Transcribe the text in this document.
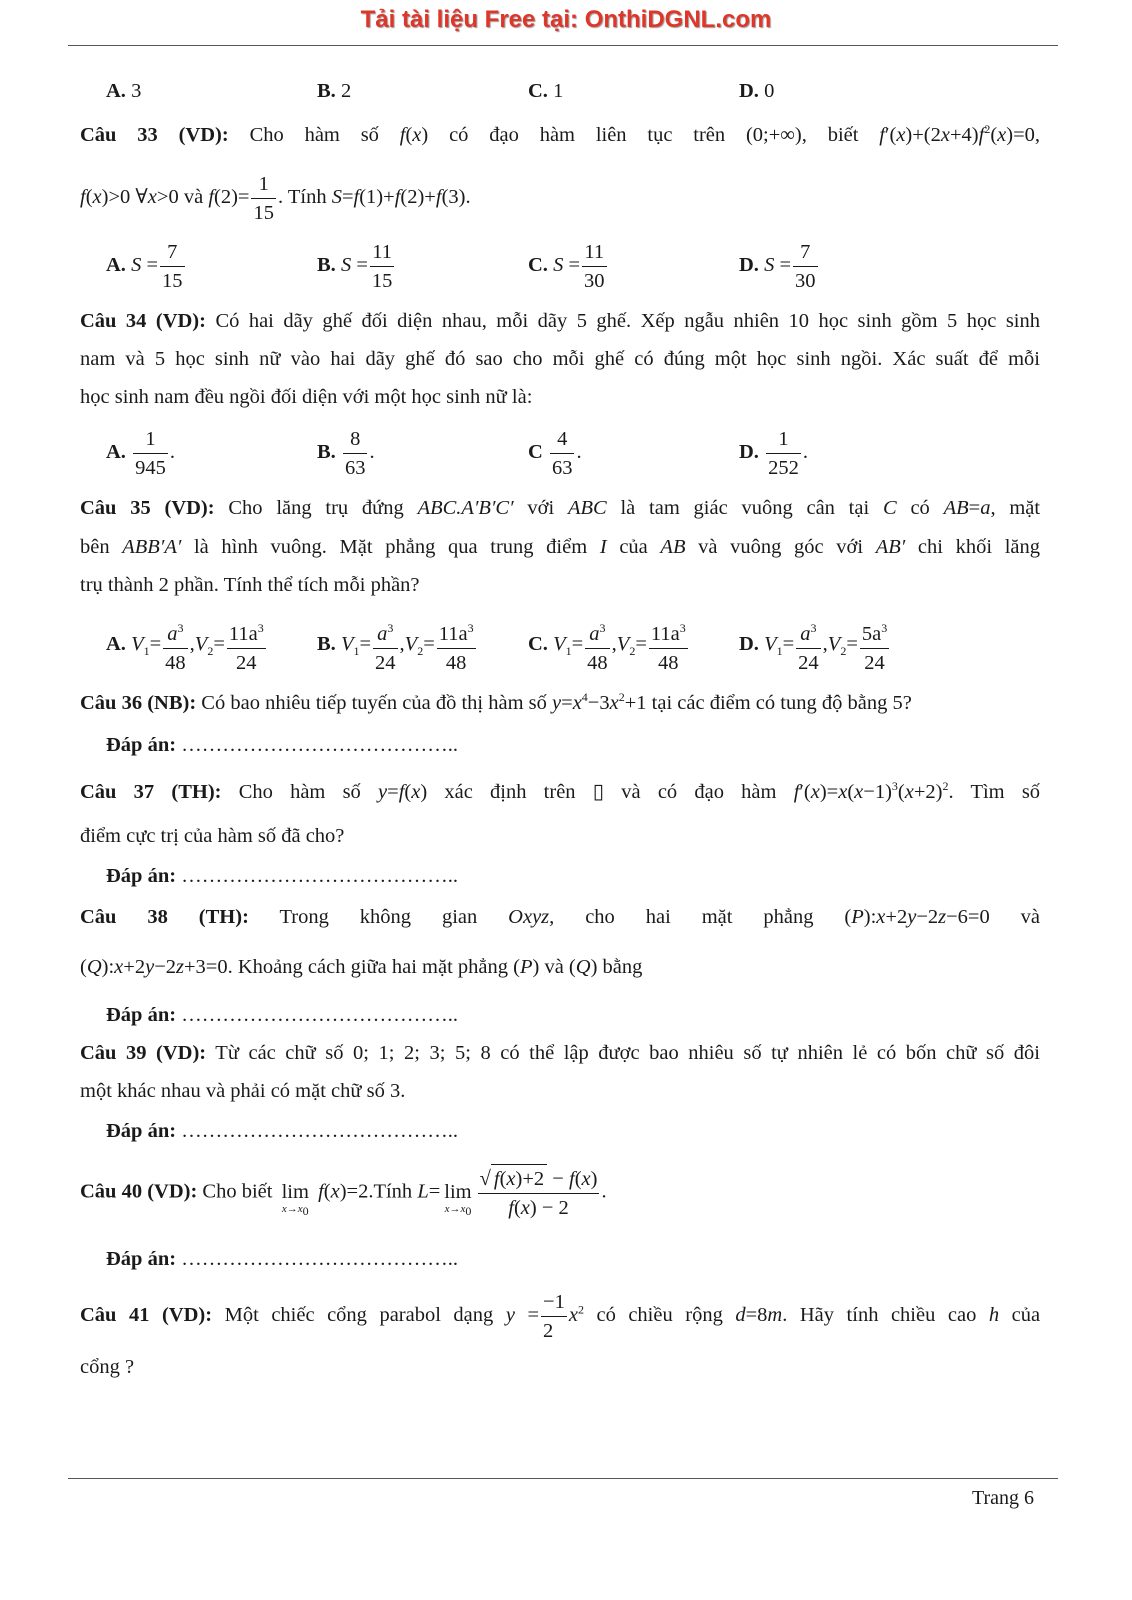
Tải tài liệu Free tại: OnthiDGNL.com
A. 3	B. 2	C. 1	D. 0
Câu 33 (VD): Cho hàm số f(x) có đạo hàm liên tục trên (0;+∞), biết $f'(x)+(2x+4)f^2(x)=0$,
f(x)>0 ∀x>0 và $f(2)= \frac{1}{15}$ . Tính S=f(1)+f(2)+f(3).
A. $S = \frac{7}{15}$	B. $S = \frac{11}{15}$	C. $S = \frac{11}{30}$	D. $S = \frac{7}{30}$
Câu 34 (VD): Có hai dãy ghế đối diện nhau, mỗi dãy 5 ghế. Xếp ngẫu nhiên 10 học sinh gồm 5 học sinh
nam và 5 học sinh nữ vào hai dãy ghế đó sao cho mỗi ghế có đúng một học sinh ngồi. Xác suất để mỗi
học sinh nam đều ngồi đối diện với một học sinh nữ là:
A. $\frac{1}{945}$ .	B. $\frac{8}{63}$ .	C $\frac{4}{63}$ .	D. $\frac{1}{252}$ .
Câu 35 (VD): Cho lăng trụ đứng ABC.A′B′C′ với ABC là tam giác vuông cân tại C có AB=a, mặt
bên ABB′A′ là hình vuông. Mặt phẳng qua trung điểm I của AB và vuông góc với AB′ chi khối lăng
trụ thành 2 phần. Tính thể tích mỗi phần?
A. $V_1= \frac{a^3}{48} ,V_2= \frac{11a^3}{24}$	B. $V_1= \frac{a^3}{24} ,V_2= \frac{11a^3}{48}$	C. $V_1= \frac{a^3}{48} ,V_2= \frac{11a^3}{48}$	D. $V_1= \frac{a^3}{24} ,V_2= \frac{5a^3}{24}$
Câu 36 (NB): Có bao nhiêu tiếp tuyến của đồ thị hàm số $y=x^4-3x^2+1$ tại các điểm có tung độ bằng 5?
Đáp án: …………………………………..
Câu 37 (TH): Cho hàm số y=f(x) xác định trên ▯ và có đạo hàm $f'(x)=x(x-1)^3(x+2)^2$. Tìm số
điểm cực trị của hàm số đã cho?
Đáp án: …………………………………..
Câu 38 (TH): Trong không gian Oxyz, cho hai mặt phẳng (P):x+2y−2z−6=0 và
(Q):x+2y−2z+3=0. Khoảng cách giữa hai mặt phẳng (P) và (Q) bằng
Đáp án: …………………………………..
Câu 39 (VD): Từ các chữ số 0; 1; 2; 3; 5; 8 có thể lập được bao nhiêu số tự nhiên lẻ có bốn chữ số đôi
một khác nhau và phải có mặt chữ số 3.
Đáp án: …………………………………..
Câu 40 (VD): Cho biết lim
$x\to x_0$
f(x)=2.Tính L= lim
$x\to x_0 \frac{√ f(x)+2 - f(x)}{f(x) - 2}$ .
Đáp án: …………………………………..
Câu 41 (VD): Một chiếc cổng parabol dạng $y = \frac{-1}{2} x^2$ có chiều rộng d=8m. Hãy tính chiều cao h của
cổng ?
Trang 6
